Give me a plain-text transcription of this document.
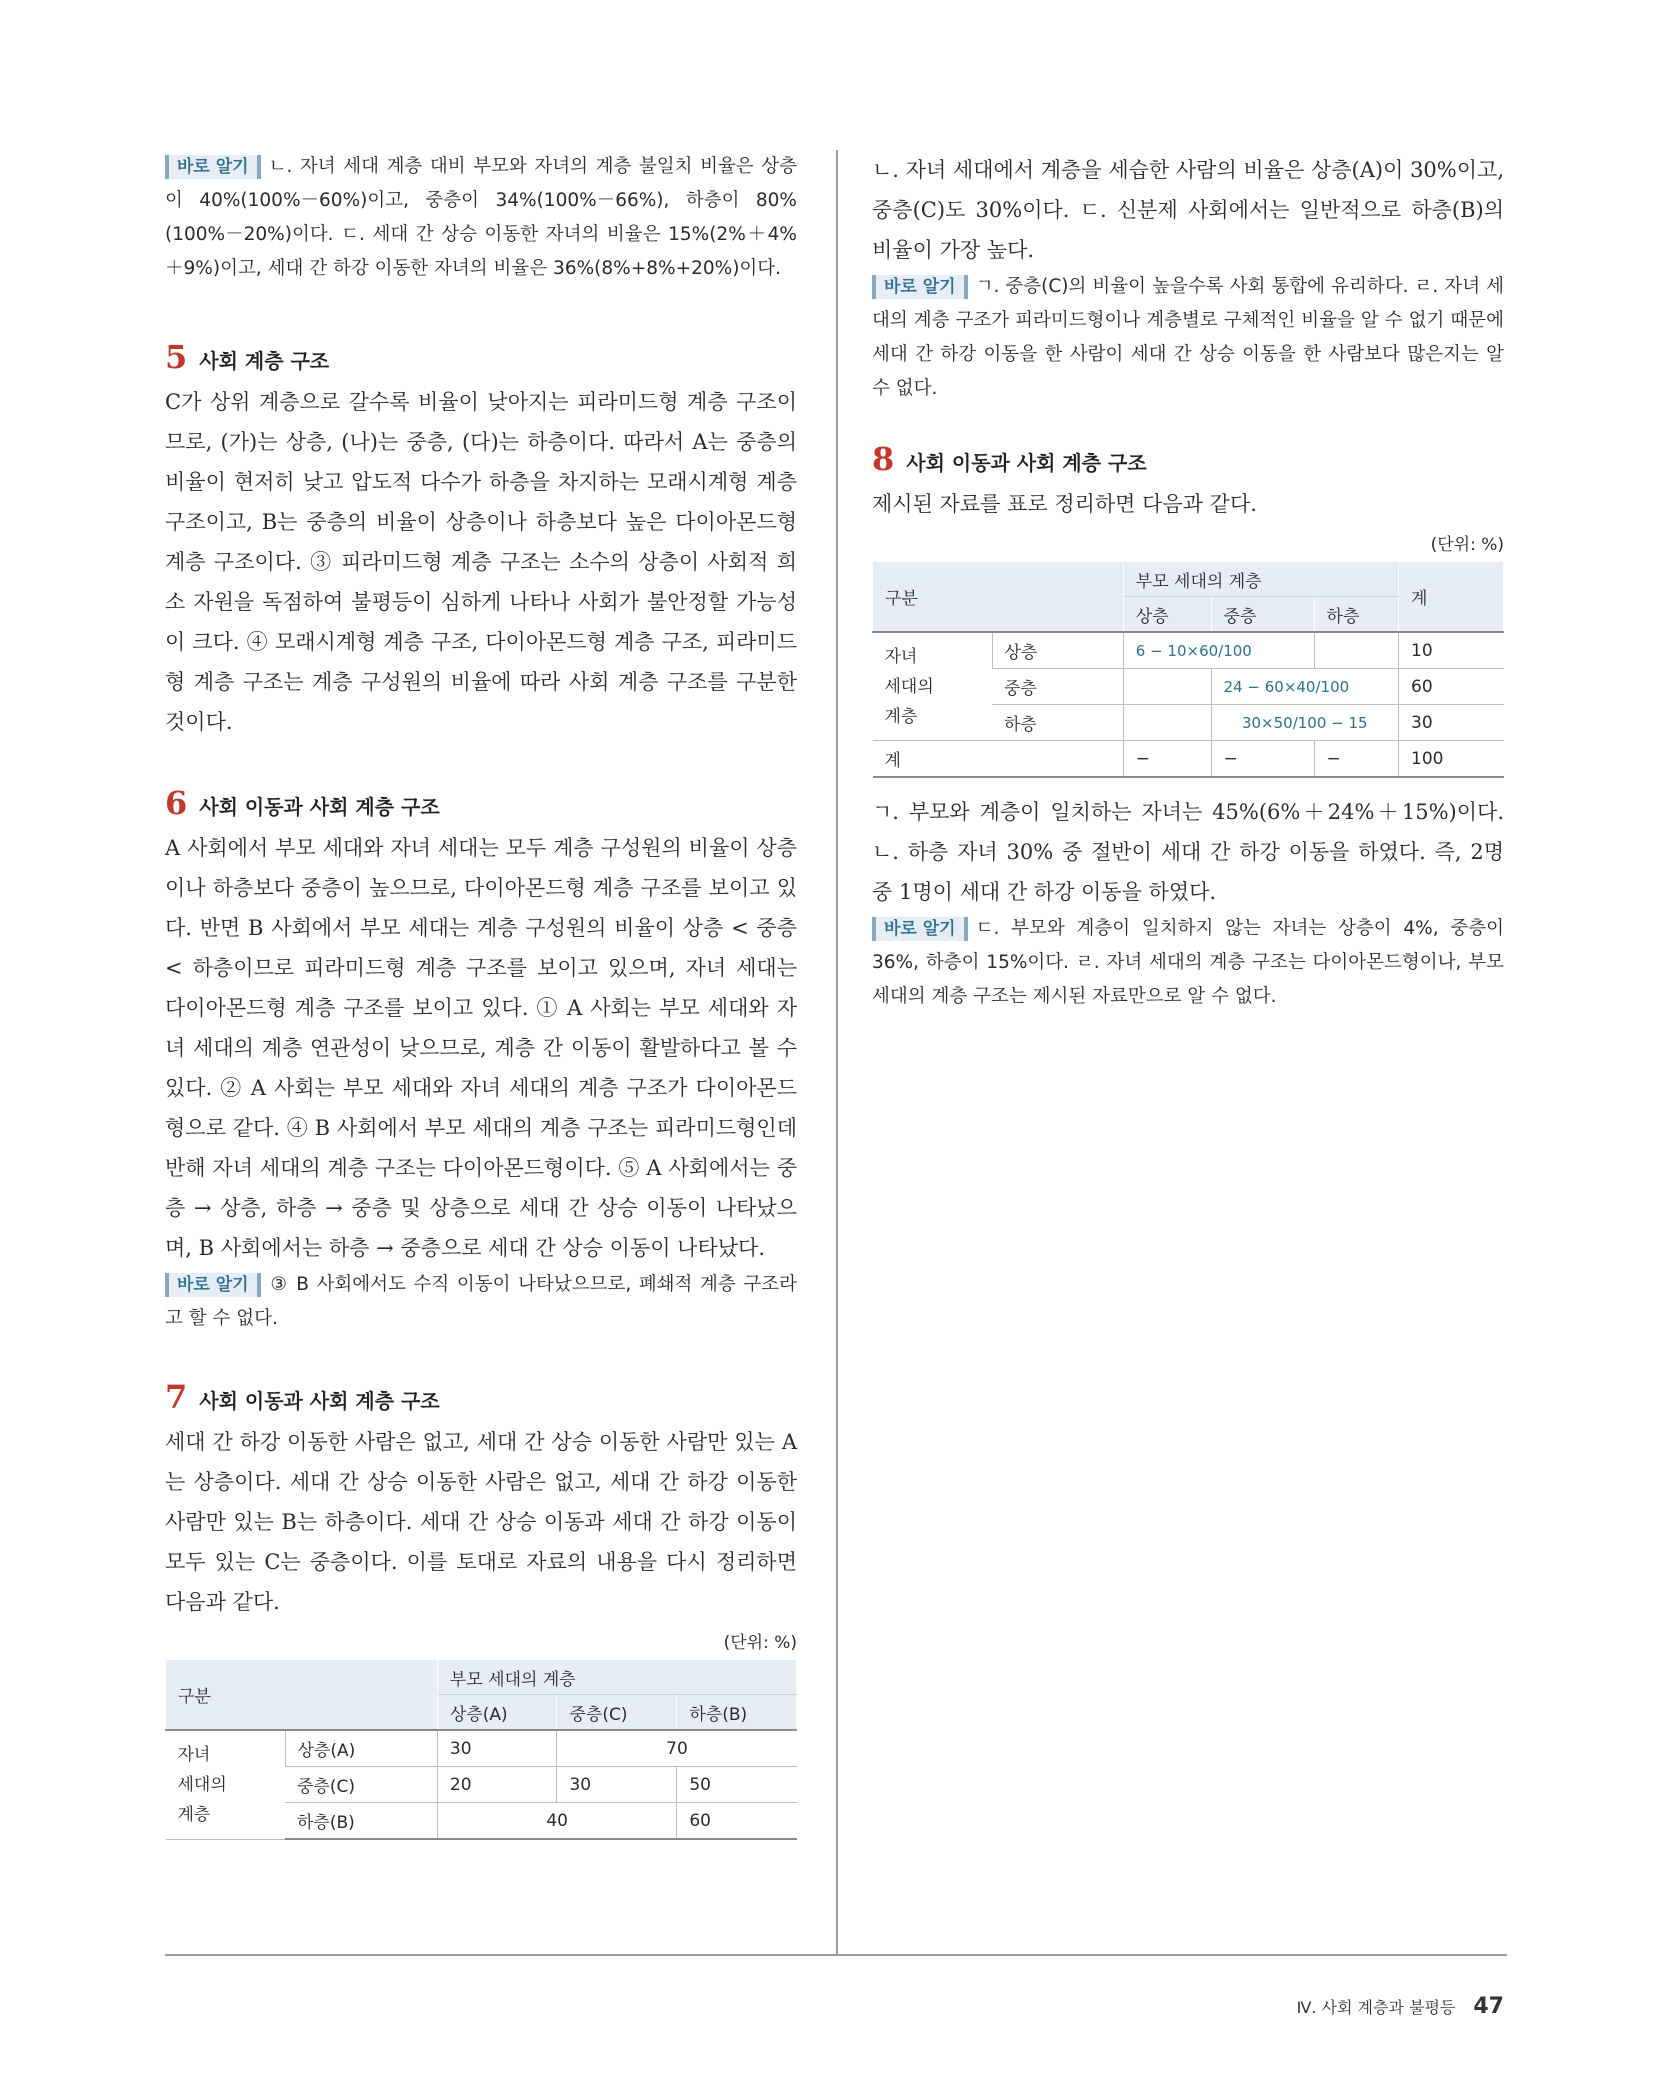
바로 알기 ㄴ. 자녀 세대 계층 대비 부모와 자녀의 계층 불일치 비율은 상층이 40%(100%－60%)이고, 중층이 34%(100%－66%), 하층이 80%(100%－20%)이다. ㄷ. 세대 간 상승 이동한 자녀의 비율은 15%(2%＋4%＋9%)이고, 세대 간 하강 이동한 자녀의 비율은 36%(8%+8%+20%)이다.

5 사회 계층 구조

C가 상위 계층으로 갈수록 비율이 낮아지는 피라미드형 계층 구조이므로, (가)는 상층, (나)는 중층, (다)는 하층이다. 따라서 A는 중층의 비율이 현저히 낮고 압도적 다수가 하층을 차지하는 모래시계형 계층 구조이고, B는 중층의 비율이 상층이나 하층보다 높은 다이아몬드형 계층 구조이다. ③ 피라미드형 계층 구조는 소수의 상층이 사회적 희소 자원을 독점하여 불평등이 심하게 나타나 사회가 불안정할 가능성이 크다. ④ 모래시계형 계층 구조, 다이아몬드형 계층 구조, 피라미드형 계층 구조는 계층 구성원의 비율에 따라 사회 계층 구조를 구분한 것이다.

6 사회 이동과 사회 계층 구조

A 사회에서 부모 세대와 자녀 세대는 모두 계층 구성원의 비율이 상층이나 하층보다 중층이 높으므로, 다이아몬드형 계층 구조를 보이고 있다. 반면 B 사회에서 부모 세대는 계층 구성원의 비율이 상층 < 중층 < 하층이므로 피라미드형 계층 구조를 보이고 있으며, 자녀 세대는 다이아몬드형 계층 구조를 보이고 있다. ① A 사회는 부모 세대와 자녀 세대의 계층 연관성이 낮으므로, 계층 간 이동이 활발하다고 볼 수 있다. ② A 사회는 부모 세대와 자녀 세대의 계층 구조가 다이아몬드형으로 같다. ④ B 사회에서 부모 세대의 계층 구조는 피라미드형인데 반해 자녀 세대의 계층 구조는 다이아몬드형이다. ⑤ A 사회에서는 중층 → 상층, 하층 → 중층 및 상층으로 세대 간 상승 이동이 나타났으며, B 사회에서는 하층 → 중층으로 세대 간 상승 이동이 나타났다.

바로 알기 ③ B 사회에서도 수직 이동이 나타났으므로, 폐쇄적 계층 구조라고 할 수 없다.

7 사회 이동과 사회 계층 구조

세대 간 하강 이동한 사람은 없고, 세대 간 상승 이동한 사람만 있는 A는 상층이다. 세대 간 상승 이동한 사람은 없고, 세대 간 하강 이동한 사람만 있는 B는 하층이다. 세대 간 상승 이동과 세대 간 하강 이동이 모두 있는 C는 중층이다. 이를 토대로 자료의 내용을 다시 정리하면 다음과 같다.

(단위: %)
구분		부모 세대의 계층		
		상층(A)	중층(C)	하층(B)
자녀
세대의
계층	상층(A)	30	70	
	중층(C)	20	30	50
	하층(B)	40		60

ㄴ. 자녀 세대에서 계층을 세습한 사람의 비율은 상층(A)이 30%이고, 중층(C)도 30%이다. ㄷ. 신분제 사회에서는 일반적으로 하층(B)의 비율이 가장 높다.

바로 알기 ㄱ. 중층(C)의 비율이 높을수록 사회 통합에 유리하다. ㄹ. 자녀 세대의 계층 구조가 피라미드형이나 계층별로 구체적인 비율을 알 수 없기 때문에 세대 간 하강 이동을 한 사람이 세대 간 상승 이동을 한 사람보다 많은지는 알 수 없다.

8 사회 이동과 사회 계층 구조

제시된 자료를 표로 정리하면 다음과 같다.

(단위: %)
구분		부모 세대의 계층			계
		상층	중층	하층	
자녀
세대의
계층	상층	6 − 10×60/100			10
	중층		24 − 60×40/100		60
	하층		30×50/100 − 15		30
계		−	−	−	100

ㄱ. 부모와 계층이 일치하는 자녀는 45%(6%＋24%＋15%)이다. ㄴ. 하층 자녀 30% 중 절반이 세대 간 하강 이동을 하였다. 즉, 2명 중 1명이 세대 간 하강 이동을 하였다.

바로 알기 ㄷ. 부모와 계층이 일치하지 않는 자녀는 상층이 4%, 중층이 36%, 하층이 15%이다. ㄹ. 자녀 세대의 계층 구조는 다이아몬드형이나, 부모 세대의 계층 구조는 제시된 자료만으로 알 수 없다.

Ⅳ. 사회 계층과 불평등 47
